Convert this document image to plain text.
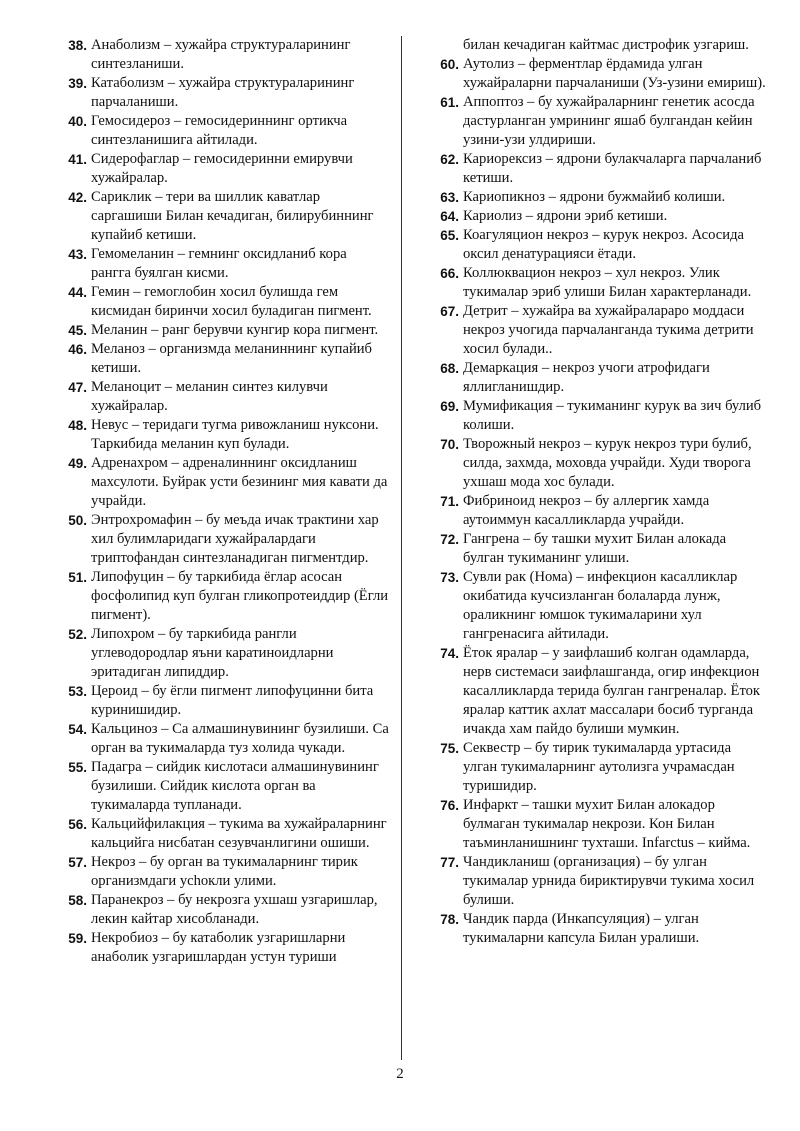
38. Анаболизм – хужайра структураларининг синтезланиши.
39. Катаболизм – хужайра структураларининг парчаланиши.
40. Гемосидероз – гемосидериннинг ортикча синтезланишига айтилади.
41. Сидерофаглар – гемосидеринни емирувчи хужайралар.
42. Сариклик – тери ва шиллик каватлар саргашиши Билан кечадиган, билирубиннинг купайиб кетиши.
43. Гемомеланин – гемнинг оксидланиб кора рангга буялган кисми.
44. Гемин – гемоглобин хосил булишда гем кисмидан биринчи хосил буладиган пигмент.
45. Меланин – ранг берувчи кунгир кора пигмент.
46. Меланоз – организмда меланиннинг купайиб кетиши.
47. Меланоцит – меланин синтез килувчи хужайралар.
48. Невус – теридаги тугма ривожланиш нуксони. Таркибида меланин куп булади.
49. Адренахром – адреналиннинг оксидланиш махсулоти. Буйрак усти безининг мия кавати да учрайди.
50. Энтрохромафин – бу меъда ичак трактини хар хил булимларидаги хужайралардаги триптофандан синтезланадиган пигментдир.
51. Липофуцин – бу таркибида ёглар асосан фосфолипид куп булган гликопротеиддир (Ёгли пигмент).
52. Липохром – бу таркибида рангли углеводородлар яъни каратиноидларни эритадиган липиддир.
53. Цероид – бу ёгли пигмент липофуцинни бита куринишидир.
54. Кальциноз – Са алмашинувининг бузилиши. Са орган ва тукималарда туз холида чукади.
55. Падагра – сийдик кислотаси алмашинувининг бузилиши. Сийдик кислота орган ва тукималарда тупланади.
56. Кальцийфилакция – тукима ва хужайраларнинг кальцийга нисбатан сезувчанлигини ошиши.
57. Некроз – бу орган ва тукималарнинг тирик организмдаги уchoкли улими.
58. Паранекроз – бу некрозга ухшаш узгаришлар, лекин кайтар хисобланади.
59. Некробиоз – бу катаболик узгаришларни анаболик узгаришлардан устун туриши
билан кечадиган кайтмас дистрофик узгариш.
60. Аутолиз – ферментлар ёрдамида улган хужайраларни парчаланиши (Уз-узини емириш).
61. Аппоптоз – бу хужайраларнинг генетик асосда дастурланган умрининг яшаб булгандан кейин узини-узи улдириши.
62. Кариорексиз – ядрони булакчаларга парчаланиб кетиши.
63. Кариопикноз – ядрони бужмайиб колиши.
64. Кариолиз – ядрони эриб кетиши.
65. Коагуляцион некроз – курук некроз. Асосида оксил денатурацияси ётади.
66. Коллюквацион некроз – хул некроз. Улик тукималар эриб улиши Билан характерланади.
67. Детрит – хужайра ва хужайралараро моддаси некроз учогида парчаланганда тукима детрити хосил булади..
68. Демаркация – некроз учоги атрофидаги яллигланишдир.
69. Мумификация – тукиманинг курук ва зич булиб колиши.
70. Творожный некроз – курук некроз тури булиб, силда, захмда, моховда учрайди. Худи творога ухшаш мода хос булади.
71. Фибриноид некроз – бу аллергик хамда аутоиммун касалликларда учрайди.
72. Гангрена – бу ташки мухит Билан алокада булган тукиманинг улиши.
73. Сувли рак (Нома) – инфекцион касалликлар окибатида кучсизланган болаларда лунж, ораликнинг юмшок тукималарини хул гангренасига айтилади.
74. Ёток яралар – у заифлашиб колган одамларда, нерв системаси заифлашганда, огир инфекцион касалликларда терида булган гангреналар. Ёток яралар каттик ахлат массалари босиб турганда ичакда хам пайдо булиши мумкин.
75. Секвестр – бу тирик тукималарда уртасида улган тукималарнинг аутолизга учрамасдан туришидир.
76. Инфаркт – ташки мухит Билан алокадор булмаган тукималар некрози. Кон Билан таъминланишнинг тухташи. Infarctus – кийма.
77. Чандикланиш (организация) – бу улган тукималар урнида бириктирувчи тукима хосил булиши.
78. Чандик парда (Инкапсуляция) – улган тукималарни капсула Билан уралиши.
2
